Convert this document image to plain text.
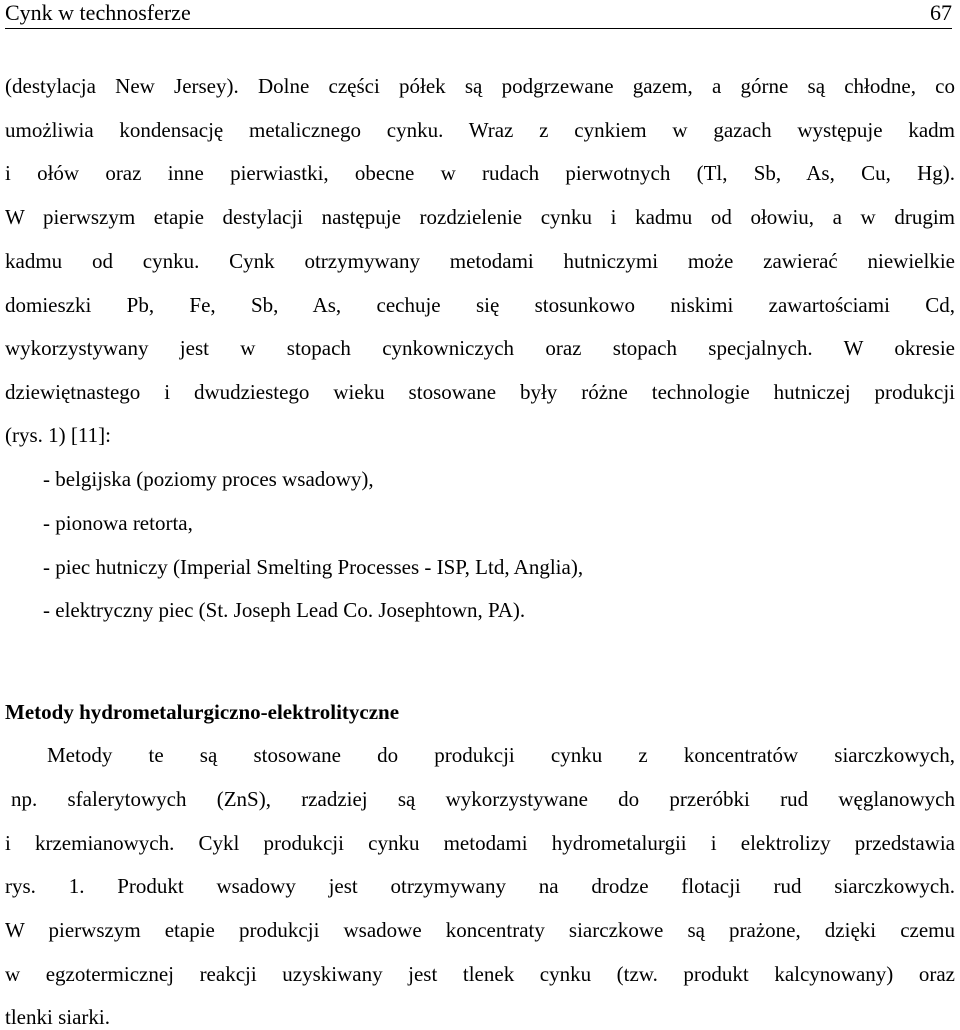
Cynk w technosferze	67
(destylacja New Jersey). Dolne części półek są podgrzewane gazem, a górne są chłodne, co
umożliwia kondensację metalicznego cynku. Wraz z cynkiem w gazach występuje kadm
i ołów oraz inne pierwiastki, obecne w rudach pierwotnych (Tl, Sb, As, Cu, Hg).
W pierwszym etapie destylacji następuje rozdzielenie cynku i kadmu od ołowiu, a w drugim
kadmu od cynku. Cynk otrzymywany metodami hutniczymi może zawierać niewielkie
domieszki Pb, Fe, Sb, As, cechuje się stosunkowo niskimi zawartościami Cd,
wykorzystywany jest w stopach cynkowniczych oraz stopach specjalnych. W okresie
dziewiętnastego i dwudziestego wieku stosowane były różne technologie hutniczej produkcji
(rys. 1) [11]:
- belgijska (poziomy proces wsadowy),
- pionowa retorta,
- piec hutniczy (Imperial Smelting Processes - ISP, Ltd, Anglia),
- elektryczny piec (St. Joseph Lead Co. Josephtown, PA).
Metody hydrometalurgiczno-elektrolityczne
Metody te są stosowane do produkcji cynku z koncentratów siarczkowych,
np. sfalerytowych (ZnS), rzadziej są wykorzystywane do przeróbki rud węglanowych
i krzemianowych. Cykl produkcji cynku metodami hydrometalurgii i elektrolizy przedstawia
rys. 1. Produkt wsadowy jest otrzymywany na drodze flotacji rud siarczkowych.
W pierwszym etapie produkcji wsadowe koncentraty siarczkowe są prażone, dzięki czemu
w egzotermicznej reakcji uzyskiwany jest tlenek cynku (tzw. produkt kalcynowany) oraz
tlenki siarki.
